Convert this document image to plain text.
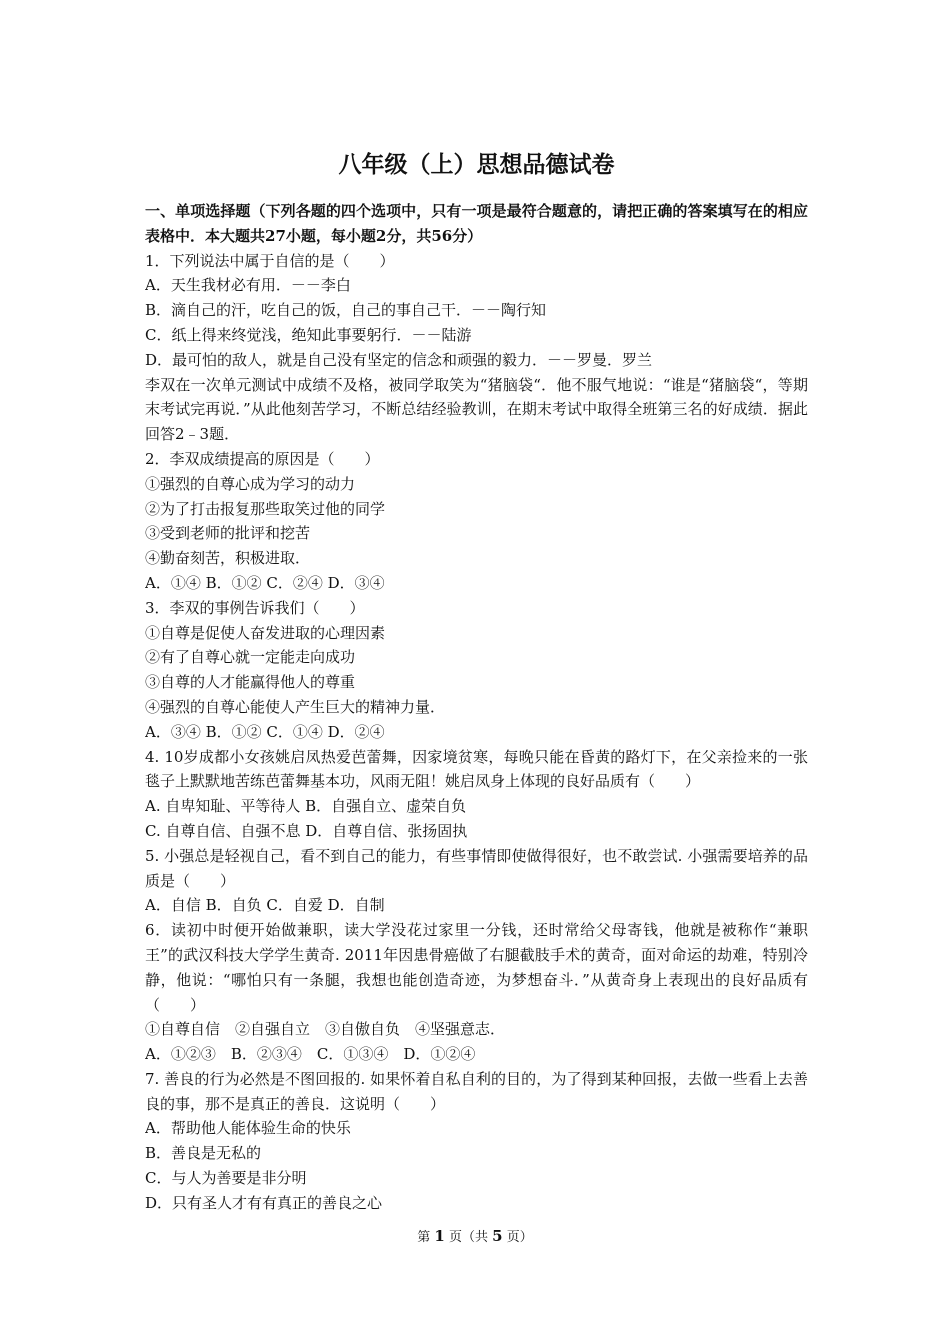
八年级（上）思想品德试卷
一、单项选择题（下列各题的四个选项中，只有一项是最符合题意的，请把正确的答案填写在的相应表格中．本大题共27小题，每小题2分，共56分）
1．下列说法中属于自信的是（　　）
A．天生我材必有用．－－李白
B．滴自己的汗，吃自己的饭，自己的事自己干．－－陶行知
C．纸上得来终觉浅，绝知此事要躬行．－－陆游
D．最可怕的敌人，就是自己没有坚定的信念和顽强的毅力．－－罗曼．罗兰
李双在一次单元测试中成绩不及格，被同学取笑为“猪脑袋“．他不服气地说：“谁是“猪脑袋“，等期末考试完再说．”从此他刻苦学习，不断总结经验教训，在期末考试中取得全班第三名的好成绩．据此回答2﹣3题．
2．李双成绩提高的原因是（　　）
①强烈的自尊心成为学习的动力
②为了打击报复那些取笑过他的同学
③受到老师的批评和挖苦
④勤奋刻苦，积极进取．
A．①④ B．①② C．②④ D．③④
3．李双的事例告诉我们（　　）
①自尊是促使人奋发进取的心理因素
②有了自尊心就一定能走向成功
③自尊的人才能赢得他人的尊重
④强烈的自尊心能使人产生巨大的精神力量．
A．③④ B．①② C．①④ D．②④
4. 10岁成都小女孩姚启凤热爱芭蕾舞，因家境贫寒，每晚只能在昏黄的路灯下，在父亲捡来的一张毯子上默默地苦练芭蕾舞基本功，风雨无阻！姚启凤身上体现的良好品质有（　　）
A. 自卑知耻、平等待人 B．自强自立、虚荣自负
C. 自尊自信、自强不息 D．自尊自信、张扬固执
5. 小强总是轻视自己，看不到自己的能力，有些事情即使做得很好，也不敢尝试. 小强需要培养的品质是（　　）
A．自信 B．自负 C．自爱 D．自制
6．读初中时便开始做兼职，读大学没花过家里一分钱，还时常给父母寄钱，他就是被称作“兼职王”的武汉科技大学学生黄奇. 2011年因患骨癌做了右腿截肢手术的黄奇，面对命运的劫难，特别冷静，他说：“哪怕只有一条腿，我想也能创造奇迹，为梦想奋斗．”从黄奇身上表现出的良好品质有（　　）
①自尊自信　②自强自立　③自傲自负　④坚强意志．
A．①②③　B．②③④　C．①③④　D．①②④
7. 善良的行为必然是不图回报的. 如果怀着自私自利的目的，为了得到某种回报，去做一些看上去善良的事，那不是真正的善良．这说明（　　）
A．帮助他人能体验生命的快乐
B．善良是无私的
C．与人为善要是非分明
D．只有圣人才有有真正的善良之心
第 1 页（共 5 页）
